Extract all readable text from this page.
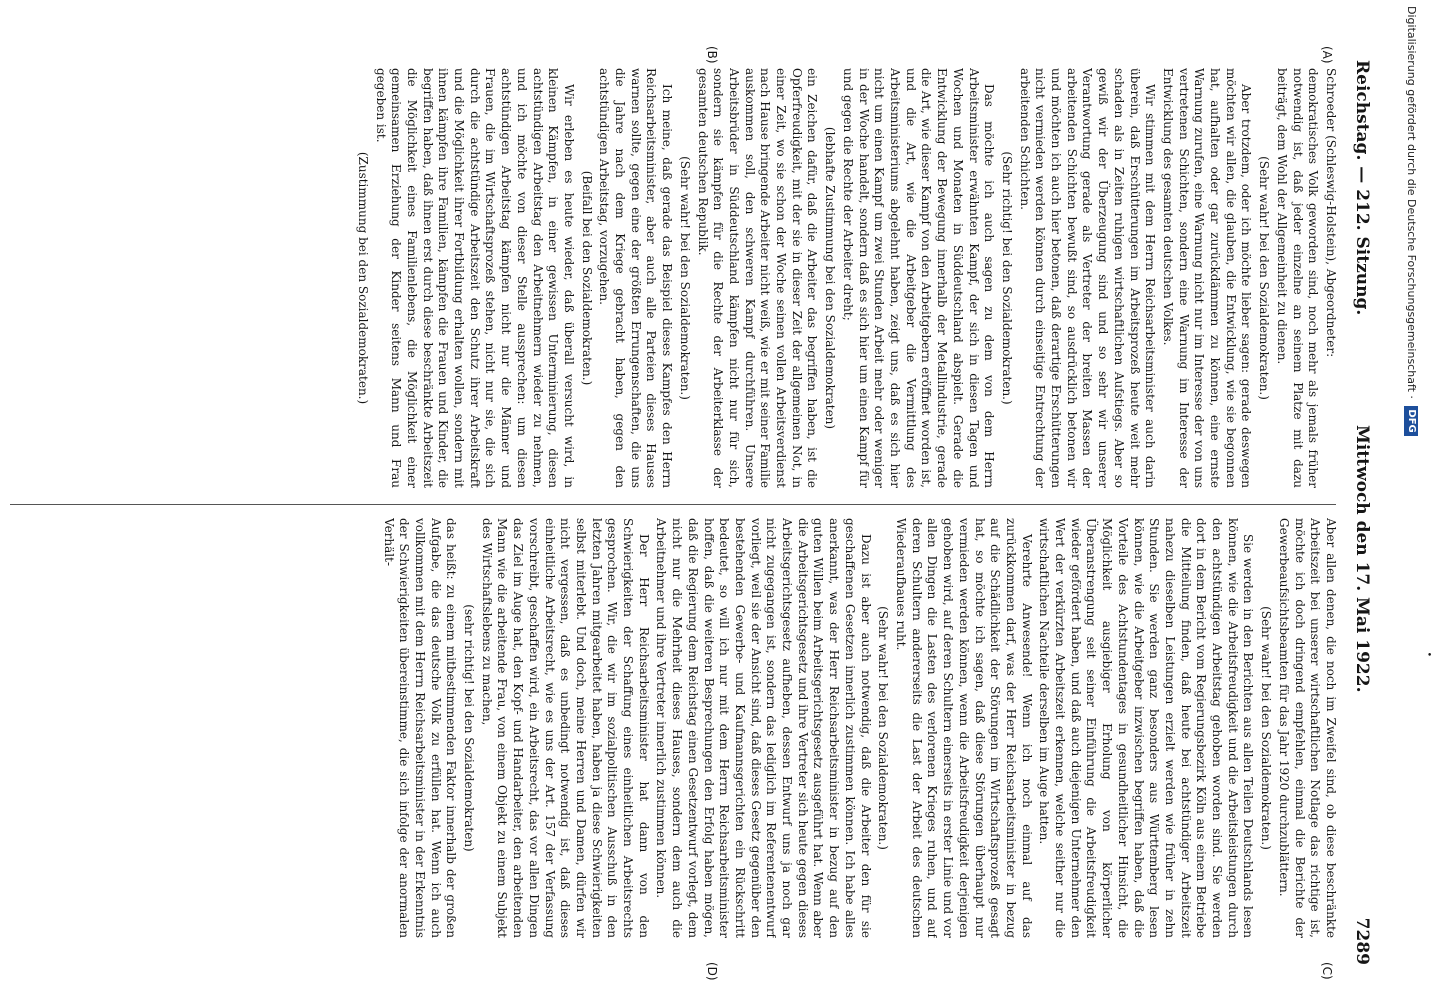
Digitalisierung gefördert durch die Deutsche Forschungsgemeinschaft · DFG
Reichstag. — 212. Sitzung.
Mittwoch den 17. Mai 1922.
7289
(A)
(B)
(C)
(D)

Schroeder (Schleswig-Holstein), Abgeordneter:

demokratisches Volk geworden sind, noch mehr als jemals früher notwendig ist, daß jeder einzelne an seinem Platze mit dazu beiträgt, dem Wohl der Allgemeinheit zu dienen.

(Sehr wahr! bei den Sozialdemokraten.)

Aber trotzdem, oder ich möchte lieber sagen: gerade deswegen möchten wir allen, die glauben, die Entwicklung, wie sie begonnen hat, aufhalten oder gar zurückdämmen zu können, eine ernste Warnung zurufen, eine Warnung nicht nur im Interesse der von uns vertretenen Schichten, sondern eine Warnung im Interesse der Entwicklung des gesamten deutschen Volkes.

Wir stimmen mit dem Herrn Reichsarbeitsminister auch darin überein, daß Erschütterungen im Arbeitsprozeß heute weit mehr schaden als in Zeiten ruhigen wirtschaftlichen Aufstiegs. Aber so gewiß wir der Überzeugung sind und so sehr wir unserer Verantwortung gerade als Vertreter der breiten Massen der arbeitenden Schichten bewußt sind, so ausdrücklich betonen wir und möchten ich auch hier betonen, daß derartige Erschütterungen nicht vermieden werden können durch einseitige Entrechtung der arbeitenden Schichten.

(Sehr richtig! bei den Sozialdemokraten.)

Das möchte ich auch sagen zu dem von dem Herrn Arbeitsminister erwähnten Kampf, der sich in diesen Tagen und Wochen und Monaten in Süddeutschland abspielt. Gerade die Entwicklung der Bewegung innerhalb der Metallindustrie, gerade die Art, wie dieser Kampf von den Arbeitgebern eröffnet worden ist, und die Art, wie die Arbeitgeber die Vermittlung des Arbeitsministeriums abgelehnt haben, zeigt uns, daß es sich hier nicht um einen Kampf um zwei Stunden Arbeit mehr oder weniger in der Woche handelt, sondern daß es sich hier um einen Kampf für und gegen die Rechte der Arbeiter dreht;

(lebhafte Zustimmung bei den Sozialdemokraten)

ein Zeichen dafür, daß die Arbeiter das begriffen haben, ist die Opferfreudigkeit, mit der sie in dieser Zeit der allgemeinen Not, in einer Zeit, wo sie schon der Woche seinen vollen Arbeitsverdienst nach Hause bringende Arbeiter nicht weiß, wie er mit seiner Familie auskommen soll, den schweren Kampf durchführen. Unsere Arbeitsbrüder in Süddeutschland kämpfen nicht nur für sich, sondern sie kämpfen für die Rechte der Arbeiterklasse der gesamten deutschen Republik.

(Sehr wahr! bei den Sozialdemokraten.)

Ich meine, daß gerade das Beispiel dieses Kampfes den Herrn Reichsarbeitsminister, aber auch alle Parteien dieses Hauses warnen sollte, gegen eine der größten Errungenschaften, die uns die Jahre nach dem Kriege gebracht haben, gegen den achtstündigen Arbeitstag, vorzugehen.

(Beifall bei den Sozialdemokraten.)

Wir erleben es heute wieder, daß überall versucht wird, in kleinen Kämpfen, in einer gewissen Unterminierung, diesen achtstündigen Arbeitstag den Arbeitnehmern wieder zu nehmen, und ich möchte von dieser Stelle aussprechen: um diesen achtstündigen Arbeitstag kämpfen nicht nur die Männer und Frauen, die im Wirtschaftsprozeß stehen, nicht nur sie, die sich durch die achtstündige Arbeitszeit den Schutz ihrer Arbeitskraft und die Möglichkeit ihrer Fortbildung erhalten wollen, sondern mit ihnen kämpfen ihre Familien, kämpfen die Frauen und Kinder, die begriffen haben, daß ihnen erst durch diese beschränkte Arbeitszeit die Möglichkeit eines Familienlebens, die Möglichkeit einer gemeinsamen Erziehung der Kinder seitens Mann und Frau gegeben ist.

(Zustimmung bei den Sozialdemokraten.)

Aber allen denen, die noch im Zweifel sind, ob diese beschränkte Arbeitszeit bei unserer wirtschaftlichen Notlage das richtige ist, möchte ich doch dringend empfehlen, einmal die Berichte der Gewerbeaufsichtsbeamten für das Jahr 1920 durchzublättern.

(Sehr wahr! bei den Sozialdemokraten.)

Sie werden in den Berichten aus allen Teilen Deutschlands lesen können, wie die Arbeitsfreudigkeit und die Arbeitsleistungen durch den achtstündigen Arbeitstag gehoben worden sind. Sie werden dort in dem Bericht vom Regierungsbezirk Köln aus einem Betriebe die Mitteilung finden, daß heute bei achtstündiger Arbeitszeit nahezu dieselben Leistungen erzielt werden wie früher in zehn Stunden. Sie werden ganz besonders aus Württemberg lesen können, wie die Arbeitgeber inzwischen begriffen haben, daß die Vorteile des Achtstundentages in gesundheitlicher Hinsicht, die Möglichkeit ausgiebiger Erholung von körperlicher Überanstrengung seit seiner Einführung die Arbeitsfreudigkeit wieder gefördert haben, und daß auch diejenigen Unternehmer den Wert der verkürzten Arbeitszeit erkennen, welche seither nur die wirtschaftlichen Nachteile derselben im Auge hatten.

Verehrte Anwesende! Wenn ich noch einmal auf das zurückkommen darf, was der Herr Reichsarbeitsminister in bezug auf die Schädlichkeit der Störungen im Wirtschaftsprozeß gesagt hat, so möchte ich sagen, daß diese Störungen überhaupt nur vermieden werden können, wenn die Arbeitsfreudigkeit derjenigen gehoben wird, auf deren Schultern einerseits in erster Linie und vor allen Dingen die Lasten des verlorenen Krieges ruhen, und auf deren Schultern andererseits die Last der Arbeit des deutschen Wiederaufbaues ruht.

(Sehr wahr! bei den Sozialdemokraten.)

Dazu ist aber auch notwendig, daß die Arbeiter den für sie geschaffenen Gesetzen innerlich zustimmen können. Ich habe alles anerkannt, was der Herr Reichsarbeitsminister in bezug auf den guten Willen beim Arbeitsgerichtsgesetz ausgeführt hat. Wenn aber die Arbeitsgerichtsgesetz und ihre Vertreter sich heute gegen dieses Arbeitsgerichtsgesetz aufheben, dessen Entwurf uns ja noch gar nicht zugegangen ist, sondern das lediglich im Referentenentwurf vorliegt, weil sie der Ansicht sind, daß dieses Gesetz gegenüber den bestehenden Gewerbe- und Kaufmannsgerichten ein Rückschritt bedeutet, so will ich nur mit dem Herrn Reichsarbeitsminister hoffen, daß die weiteren Besprechungen den Erfolg haben mögen, daß die Regierung dem Reichstag einen Gesetzentwurf vorlegt, dem nicht nur die Mehrheit dieses Hauses, sondern dem auch die Arbeitnehmer und ihre Vertreter innerlich zustimmen können.

Der Herr Reichsarbeitsminister hat dann von den Schwierigkeiten der Schaffung eines einheitlichen Arbeitsrechts gesprochen. Wir, die wir im sozialpolitischen Ausschuß in den letzten Jahren mitgearbeitet haben, haben ja diese Schwierigkeiten selbst miterlebt. Und doch, meine Herren und Damen, dürfen wir nicht vergessen, daß es unbedingt notwendig ist, daß dieses einheitliche Arbeitsrecht, wie es uns der Art. 157 der Verfassung vorschreibt, geschaffen wird, ein Arbeitsrecht, das vor allen Dingen das Ziel im Auge hat, den Kopf- und Handarbeiter, den arbeitenden Mann wie die arbeitende Frau, von einem Objekt zu einem Subjekt des Wirtschaftslebens zu machen,

(sehr richtig! bei den Sozialdemokraten)

das heißt: zu einem mitbestimmenden Faktor innerhalb der großen Aufgabe, die das deutsche Volk zu erfüllen hat. Wenn ich auch vollkommen mit dem Herrn Reichsarbeitsminister in der Erkenntnis der Schwierigkeiten übereinstimme, die sich infolge der anormalen Verhält-

•
